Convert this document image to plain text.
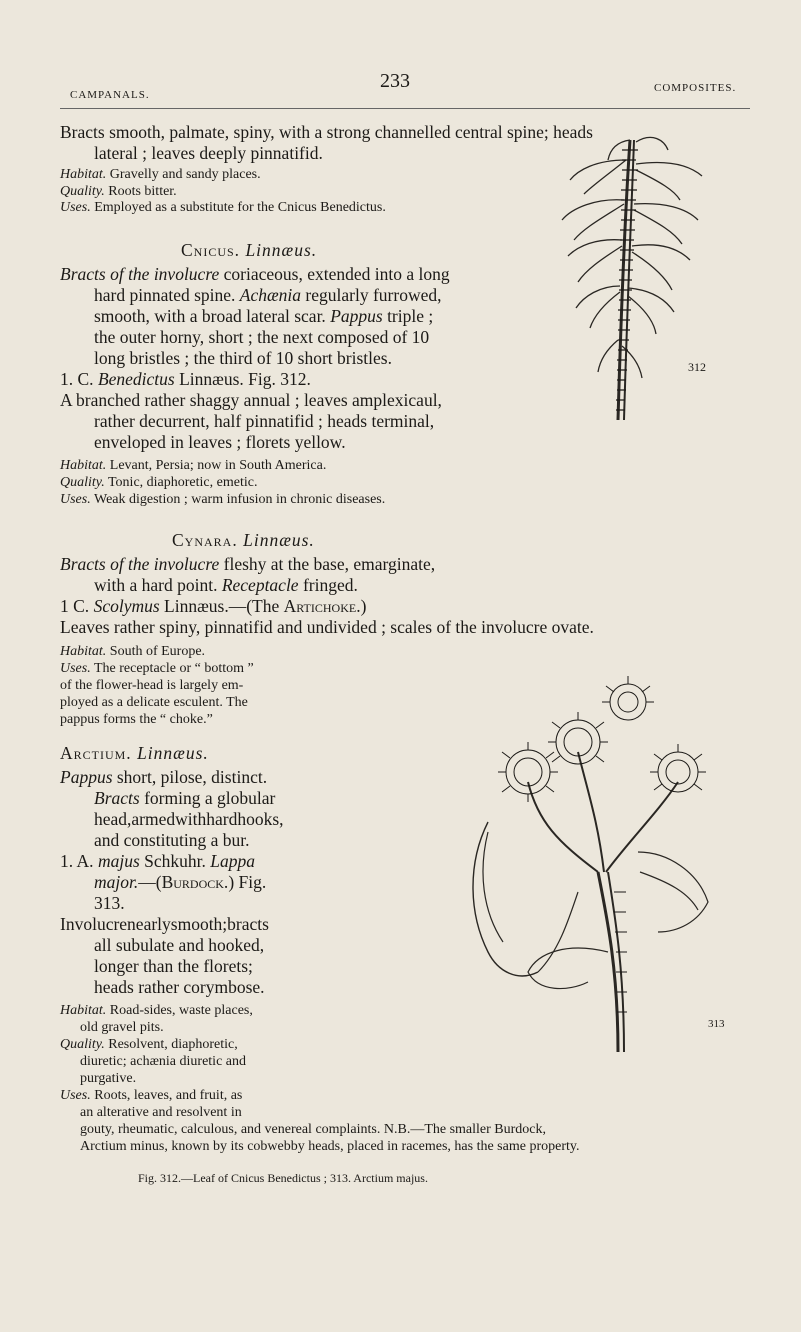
CAMPANALS.
233	COMPOSITES.
312
313
Bracts smooth, palmate, spiny, with a strong channelled central spine; heads
lateral ; leaves deeply pinnatifid.
Habitat. Gravelly and sandy places.
Quality. Roots bitter.
Uses. Employed as a substitute for the Cnicus Benedictus.
Cnicus. Linnæus.
Bracts of the involucre coriaceous, extended into a long
hard pinnated spine. Achænia regularly furrowed,
smooth, with a broad lateral scar. Pappus triple ;
the outer horny, short ; the next composed of 10
long bristles ; the third of 10 short bristles.
1. C. Benedictus Linnæus. Fig. 312.
A branched rather shaggy annual ; leaves amplexicaul,
rather decurrent, half pinnatifid ; heads terminal,
enveloped in leaves ; florets yellow.
Habitat. Levant, Persia; now in South America.
Quality. Tonic, diaphoretic, emetic.
Uses. Weak digestion ; warm infusion in chronic diseases.
Cynara. Linnæus.
Bracts of the involucre fleshy at the base, emarginate,
with a hard point. Receptacle fringed.
1 C. Scolymus Linnæus.—(The Artichoke.)
Leaves rather spiny, pinnatifid and undivided ; scales of the involucre ovate.
Habitat. South of Europe.
Uses. The receptacle or “ bottom ”
of the flower-head is largely em-
ployed as a delicate esculent. The
pappus forms the “ choke.”
Arctium. Linnæus.
Pappus short, pilose, distinct.
Bracts forming a globular
head,armedwithhardhooks,
and constituting a bur.
1. A. majus Schkuhr. Lappa
major.—(Burdock.) Fig.
313.
Involucrenearlysmooth;bracts
all subulate and hooked,
longer than the florets;
heads rather corymbose.
Habitat. Road-sides, waste places,
old gravel pits.
Quality. Resolvent, diaphoretic,
diuretic; achænia diuretic and
purgative.
Uses. Roots, leaves, and fruit, as
an alterative and resolvent in
gouty, rheumatic, calculous, and venereal complaints. N.B.—The smaller Burdock,
Arctium minus, known by its cobwebby heads, placed in racemes, has the same property.
Fig. 312.—Leaf of Cnicus Benedictus ; 313. Arctium majus.
